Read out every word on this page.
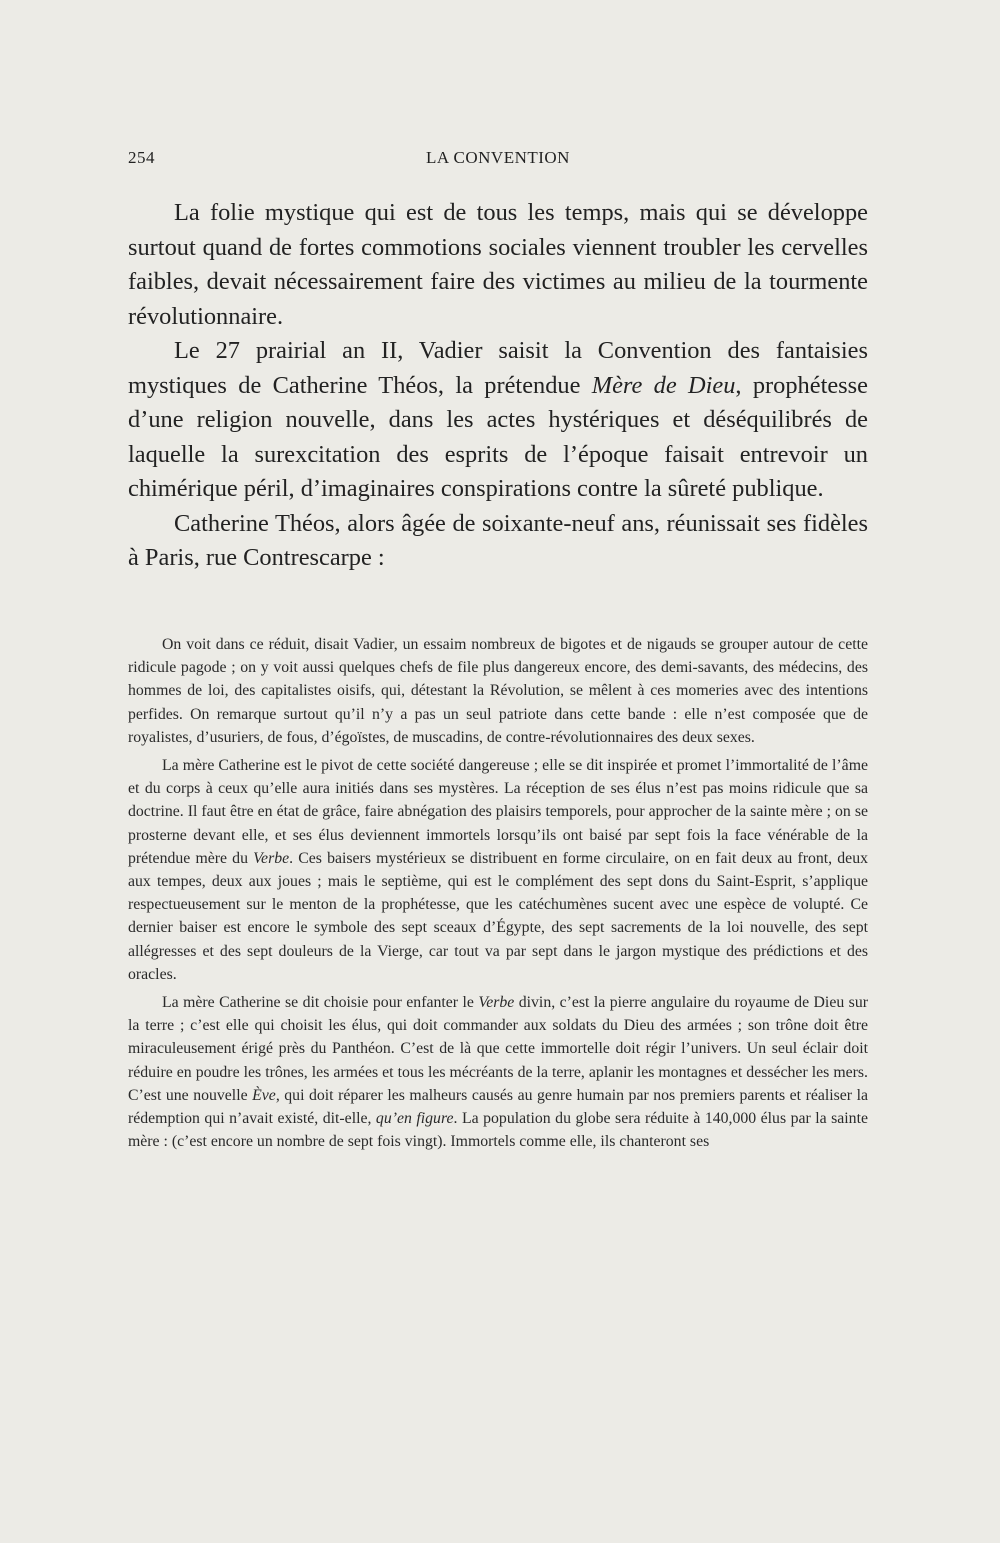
254	LA CONVENTION

La folie mystique qui est de tous les temps, mais qui se développe surtout quand de fortes commotions sociales viennent troubler les cervelles faibles, devait nécessairement faire des victimes au milieu de la tourmente révolutionnaire.

Le 27 prairial an II, Vadier saisit la Convention des fantaisies mystiques de Catherine Théos, la prétendue Mère de Dieu, prophétesse d’une religion nouvelle, dans les actes hystériques et déséquilibrés de laquelle la surexcitation des esprits de l’époque faisait entrevoir un chimérique péril, d’imaginaires conspirations contre la sûreté publique.

Catherine Théos, alors âgée de soixante-neuf ans, réunissait ses fidèles à Paris, rue Contrescarpe :

On voit dans ce réduit, disait Vadier, un essaim nombreux de bigotes et de nigauds se grouper autour de cette ridicule pagode ; on y voit aussi quelques chefs de file plus dangereux encore, des demi-savants, des médecins, des hommes de loi, des capitalistes oisifs, qui, détestant la Révolution, se mêlent à ces momeries avec des intentions perfides. On remarque surtout qu’il n’y a pas un seul patriote dans cette bande : elle n’est composée que de royalistes, d’usuriers, de fous, d’égoïstes, de muscadins, de contre-révolutionnaires des deux sexes.

La mère Catherine est le pivot de cette société dangereuse ; elle se dit inspirée et promet l’immortalité de l’âme et du corps à ceux qu’elle aura initiés dans ses mystères. La réception de ses élus n’est pas moins ridicule que sa doctrine. Il faut être en état de grâce, faire abnégation des plaisirs temporels, pour approcher de la sainte mère ; on se prosterne devant elle, et ses élus deviennent immortels lorsqu’ils ont baisé par sept fois la face vénérable de la prétendue mère du Verbe. Ces baisers mystérieux se distribuent en forme circulaire, on en fait deux au front, deux aux tempes, deux aux joues ; mais le septième, qui est le complément des sept dons du Saint-Esprit, s’applique respectueusement sur le menton de la prophétesse, que les catéchumènes sucent avec une espèce de volupté. Ce dernier baiser est encore le symbole des sept sceaux d’Égypte, des sept sacrements de la loi nouvelle, des sept allégresses et des sept douleurs de la Vierge, car tout va par sept dans le jargon mystique des prédictions et des oracles.

La mère Catherine se dit choisie pour enfanter le Verbe divin, c’est la pierre angulaire du royaume de Dieu sur la terre ; c’est elle qui choisit les élus, qui doit commander aux soldats du Dieu des armées ; son trône doit être miraculeusement érigé près du Panthéon. C’est de là que cette immortelle doit régir l’univers. Un seul éclair doit réduire en poudre les trônes, les armées et tous les mécréants de la terre, aplanir les montagnes et dessécher les mers. C’est une nouvelle Ève, qui doit réparer les malheurs causés au genre humain par nos premiers parents et réaliser la rédemption qui n’avait existé, dit-elle, qu’en figure. La population du globe sera réduite à 140,000 élus par la sainte mère : (c’est encore un nombre de sept fois vingt). Immortels comme elle, ils chanteront ses
